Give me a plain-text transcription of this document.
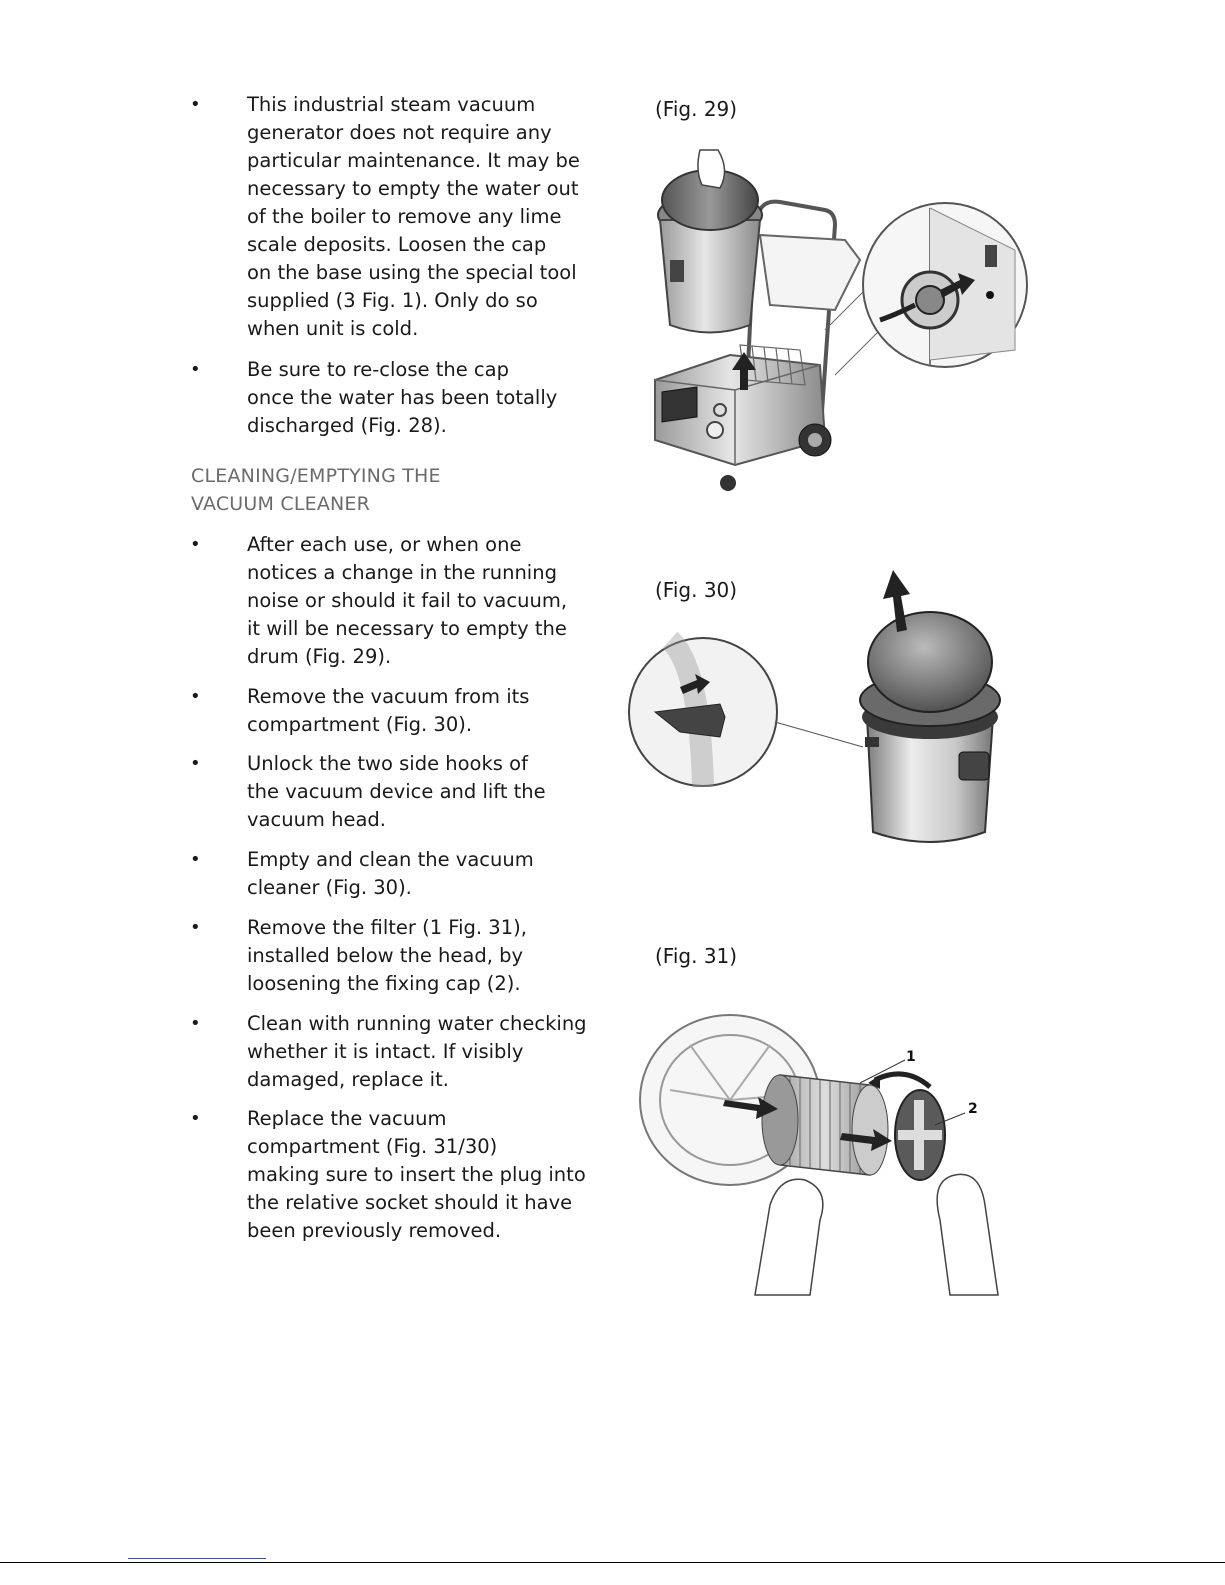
•	This industrial steam vacuum
generator does not require any
particular maintenance. It may be
necessary to empty the water out
of the boiler to remove any lime
scale deposits. Loosen the cap
on the base using the special tool
supplied (3 Fig. 1). Only do so
when unit is cold.
•	Be sure to re-close the cap
once the water has been totally
discharged (Fig. 28).
CLEANING/EMPTYING THE
VACUUM CLEANER
•	After each use, or when one
notices a change in the running
noise or should it fail to vacuum,
it will be necessary to empty the
drum (Fig. 29).
•	Remove the vacuum from its
compartment (Fig. 30).
•	Unlock the two side hooks of
the vacuum device and lift the
vacuum head.
•	Empty and clean the vacuum
cleaner (Fig. 30).
•	Remove the filter (1 Fig. 31),
installed below the head, by
loosening the fixing cap (2).
•	Clean with running water checking
whether it is intact. If visibly
damaged, replace it.
•	Replace the vacuum
compartment (Fig. 31/30)
making sure to insert the plug into
the relative socket should it have
been previously removed.
(Fig. 29)
(Fig. 30)
(Fig. 31)
1
2
